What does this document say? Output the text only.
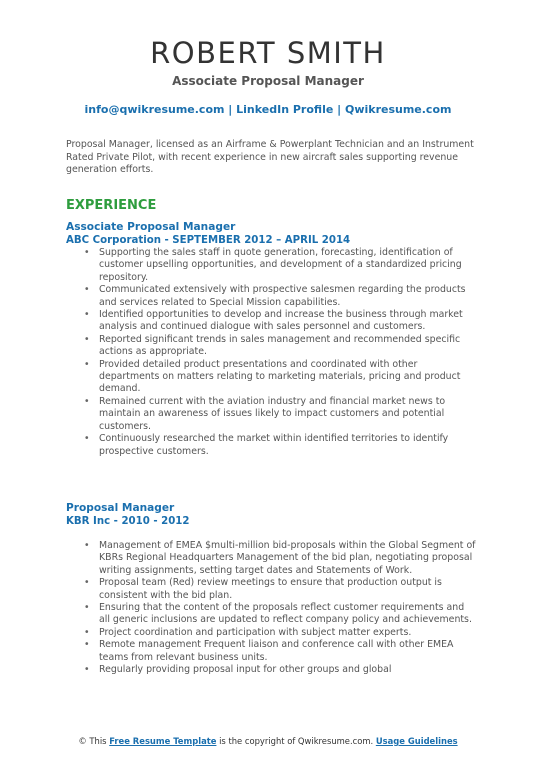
ROBERT SMITH
Associate Proposal Manager
info@qwikresume.com | LinkedIn Profile | Qwikresume.com
Proposal Manager, licensed as an Airframe & Powerplant Technician and an Instrument Rated Private Pilot, with recent experience in new aircraft sales supporting revenue generation efforts.
EXPERIENCE
Associate Proposal Manager
ABC Corporation - SEPTEMBER 2012 – APRIL 2014
• Supporting the sales staff in quote generation, forecasting, identification of customer upselling opportunities, and development of a standardized pricing repository.
• Communicated extensively with prospective salesmen regarding the products and services related to Special Mission capabilities.
• Identified opportunities to develop and increase the business through market analysis and continued dialogue with sales personnel and customers.
• Reported significant trends in sales management and recommended specific actions as appropriate.
• Provided detailed product presentations and coordinated with other departments on matters relating to marketing materials, pricing and product demand.
• Remained current with the aviation industry and financial market news to maintain an awareness of issues likely to impact customers and potential customers.
• Continuously researched the market within identified territories to identify prospective customers.
Proposal Manager
KBR Inc - 2010 - 2012
• Management of EMEA $multi-million bid-proposals within the Global Segment of KBRs Regional Headquarters Management of the bid plan, negotiating proposal writing assignments, setting target dates and Statements of Work.
• Proposal team (Red) review meetings to ensure that production output is consistent with the bid plan.
• Ensuring that the content of the proposals reflect customer requirements and all generic inclusions are updated to reflect company policy and achievements.
• Project coordination and participation with subject matter experts.
• Remote management Frequent liaison and conference call with other EMEA teams from relevant business units.
• Regularly providing proposal input for other groups and global
© This Free Resume Template is the copyright of Qwikresume.com. Usage Guidelines
